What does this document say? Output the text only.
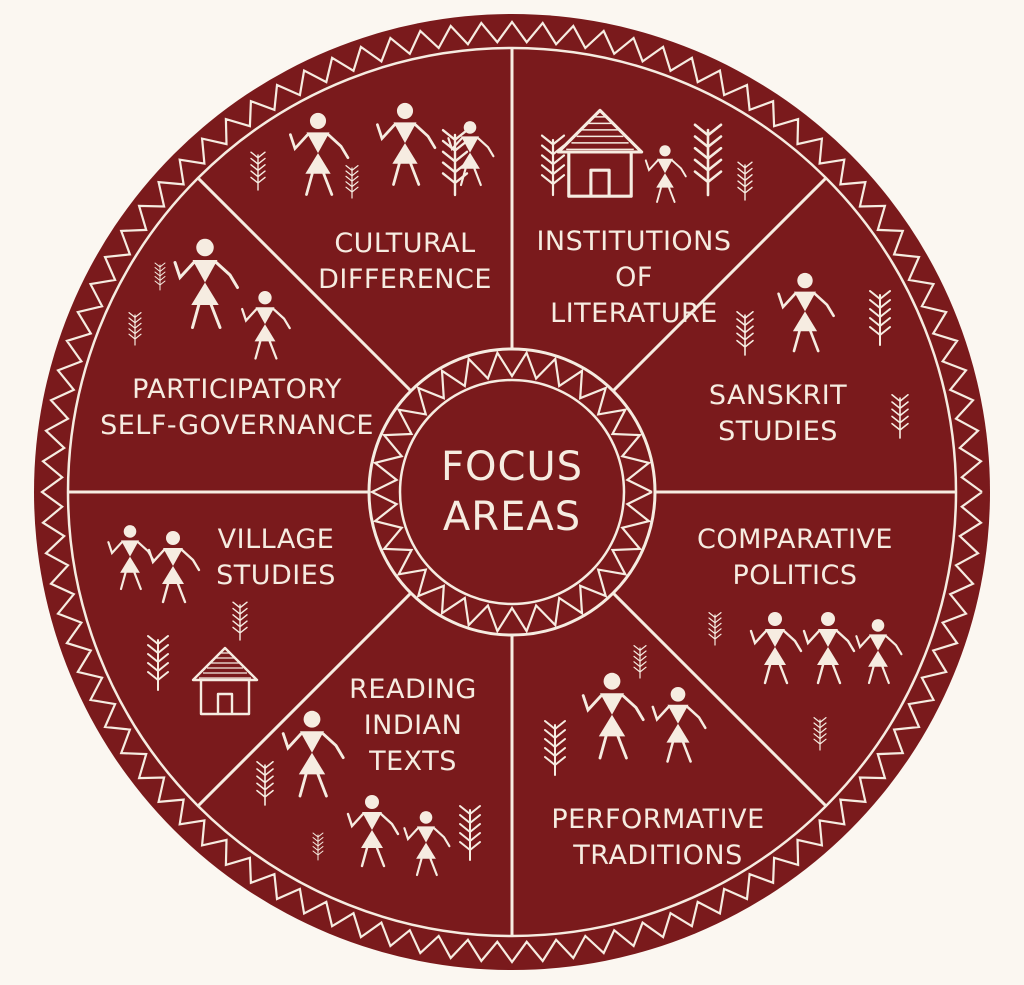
FOCUS
AREAS
CULTURAL
DIFFERENCE
INSTITUTIONS
OF
LITERATURE
SANSKRIT
STUDIES
COMPARATIVE
POLITICS
PERFORMATIVE
TRADITIONS
READING
INDIAN
TEXTS
VILLAGE
STUDIES
PARTICIPATORY
SELF-GOVERNANCE
